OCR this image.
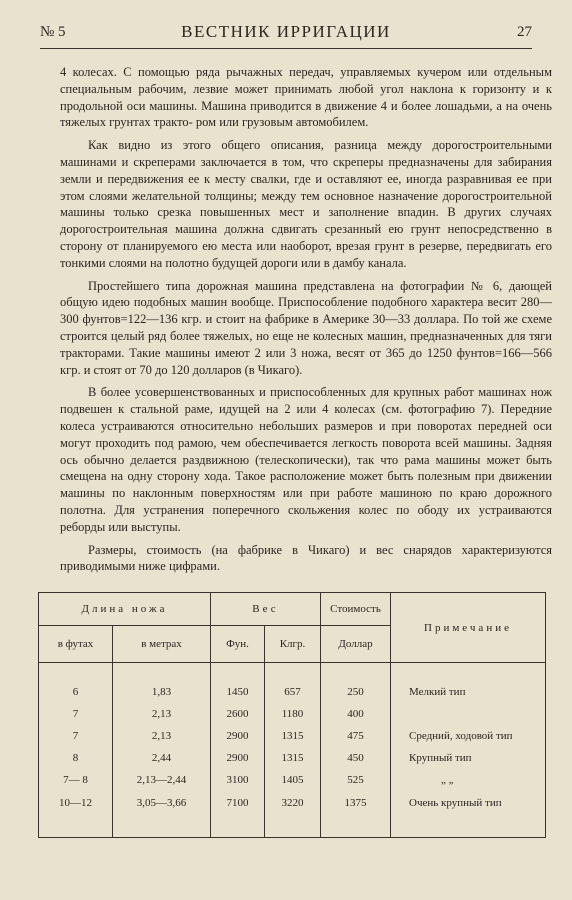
№ 5	ВЕСТНИК ИРРИГАЦИИ	27

4 колесах. С помощью ряда рычажных передач, управляемых кучером или отдельным специальным рабочим, лезвие может принимать любой угол наклона к горизонту и к продольной оси машины. Машина приводится в движение 4 и более лошадьми, а на очень тяжелых грунтах тракто- ром или грузовым автомобилем.

Как видно из этого общего описания, разница между дорогостроительными машинами и скреперами заключается в том, что скреперы предназначены для забирания земли и передвижения ее к месту свалки, где и оставляют ее, иногда разравнивая ее при этом слоями желательной толщины; между тем основное назначение дорогостроительной машины только срезка повышенных мест и заполнение впадин. В других случаях дорогостроительная машина должна сдвигать срезанный ею грунт непосредственно в сторону от планируемого ею места или наоборот, врезая грунт в резерве, передвигать его тонкими слоями на полотно будущей дороги или в дамбу канала.

Простейшего типа дорожная машина представлена на фотографии № 6, дающей общую идею подобных машин вообще. Приспособление подобного характера весит 280—300 фунтов=122—136 кгр. и стоит на фабрике в Америке 30—33 доллара. По той же схеме строится целый ряд более тяжелых, но еще не колесных машин, предназначенных для тяги тракторами. Такие машины имеют 2 или 3 ножа, весят от 365 до 1250 фунтов=166—566 кгр. и стоят от 70 до 120 долларов (в Чикаго).

В более усовершенствованных и приспособленных для крупных работ машинах нож подвешен к стальной раме, идущей на 2 или 4 колесах (см. фотографию 7). Передние колеса устраиваются относительно небольших размеров и при поворотах передней оси могут проходить под рамою, чем обеспечивается легкость поворота всей машины. Задняя ось обычно делается раздвижною (телескопически), так что рама машины может быть смещена на одну сторону хода. Такое расположение может быть полезным при движении машины по наклонным поверхностям или при работе машиною по краю дорожного полотна. Для устранения поперечного скольжения колес по ободу их устраиваются реборды или выступы.

Размеры, стоимость (на фабрике в Чикаго) и вес снарядов характеризуются приводимыми ниже цифрами.

Длина ножа		Вес		Стоимость	Примечание
в футах	в метрах	Фун.	Клгр.	Доллар	

6	1,83	1450	657	250	Мелкий тип
7	2,13	2600	1180	400	
7	2,13	2900	1315	475	Средний, ходовой тип
8	2,44	2900	1315	450	Крупный тип
7— 8	2,13—2,44	3100	1405	525	„ „
10—12	3,05—3,66	7100	3220	1375	Очень крупный тип
